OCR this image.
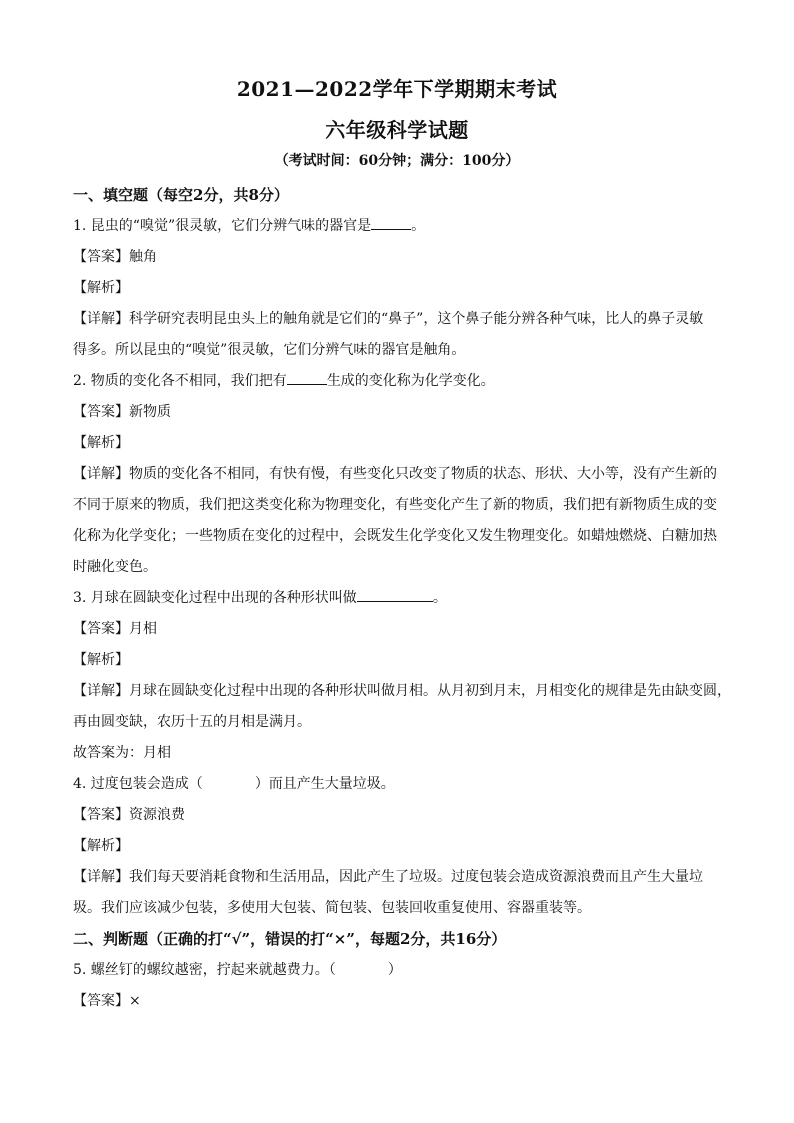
2021—2022学年下学期期末考试
六年级科学试题
（考试时间：60分钟；满分：100分）
一、填空题（每空2分，共8分）
1. 昆虫的“嗅觉”很灵敏，它们分辨气味的器官是	。
【答案】触角
【解析】
【详解】科学研究表明昆虫头上的触角就是它们的“鼻子”，这个鼻子能分辨各种气味，比人的鼻子灵敏
得多。所以昆虫的“嗅觉”很灵敏，它们分辨气味的器官是触角。
2. 物质的变化各不相同，我们把有	生成的变化称为化学变化。
【答案】新物质
【解析】
【详解】物质的变化各不相同，有快有慢，有些变化只改变了物质的状态、形状、大小等，没有产生新的
不同于原来的物质，我们把这类变化称为物理变化，有些变化产生了新的物质，我们把有新物质生成的变
化称为化学变化；一些物质在变化的过程中，会既发生化学变化又发生物理变化。如蜡烛燃烧、白糖加热
时融化变色。
3. 月球在圆缺变化过程中出现的各种形状叫做	。
【答案】月相
【解析】
【详解】月球在圆缺变化过程中出现的各种形状叫做月相。从月初到月末，月相变化的规律是先由缺变圆，
再由圆变缺，农历十五的月相是满月。
故答案为：月相
4. 过度包装会造成（	）而且产生大量垃圾。
【答案】资源浪费
【解析】
【详解】我们每天要消耗食物和生活用品，因此产生了垃圾。过度包装会造成资源浪费而且产生大量垃
圾。我们应该减少包装，多使用大包装、简包装、包装回收重复使用、容器重装等。
二、判断题（正确的打“√”，错误的打“×”，每题2分，共16分）
5. 螺丝钉的螺纹越密，拧起来就越费力。（	）
【答案】×
